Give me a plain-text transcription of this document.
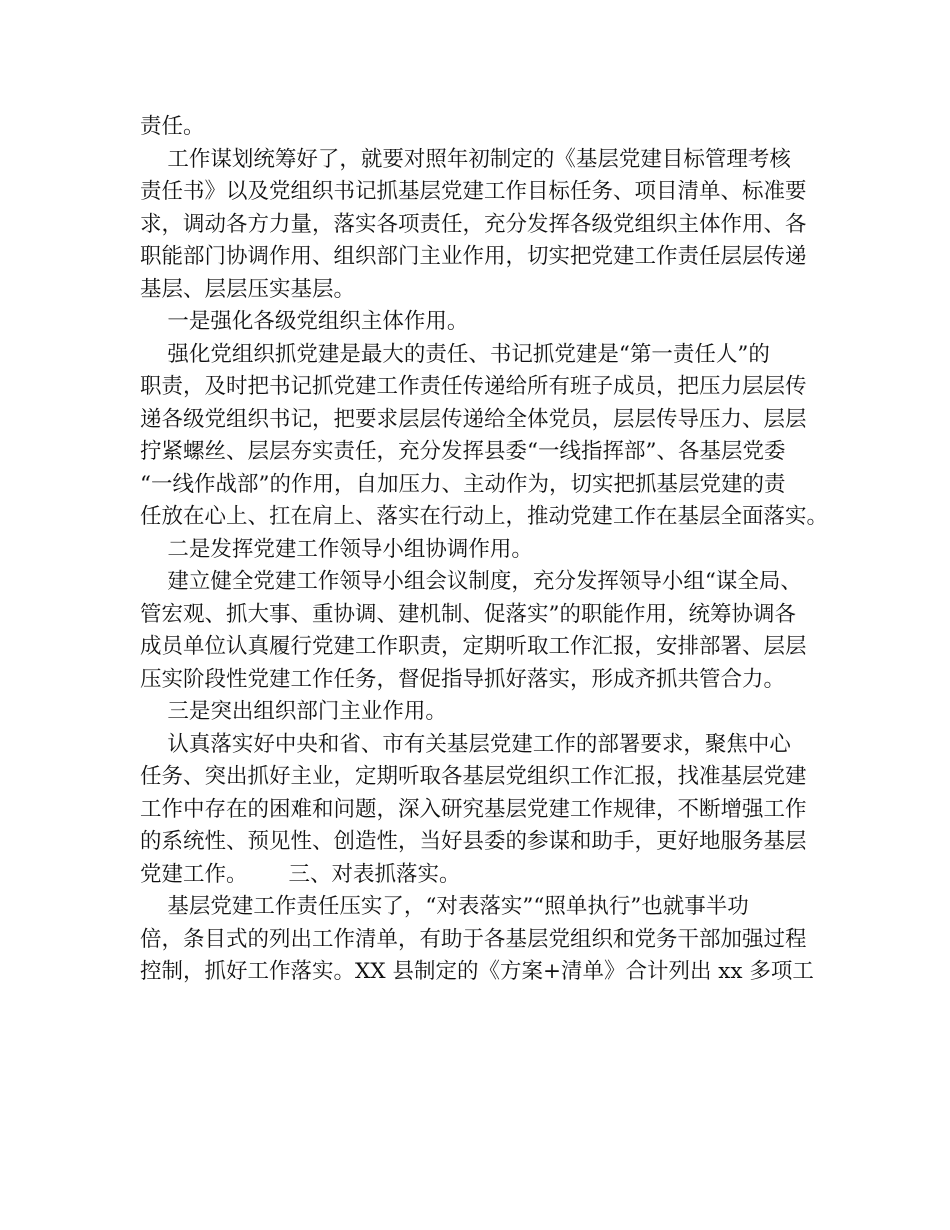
责任。
工作谋划统筹好了，就要对照年初制定的《基层党建目标管理考核
责任书》以及党组织书记抓基层党建工作目标任务、项目清单、标准要
求，调动各方力量，落实各项责任，充分发挥各级党组织主体作用、各
职能部门协调作用、组织部门主业作用，切实把党建工作责任层层传递
基层、层层压实基层。
一是强化各级党组织主体作用。
强化党组织抓党建是最大的责任、书记抓党建是“第一责任人”的
职责，及时把书记抓党建工作责任传递给所有班子成员，把压力层层传
递各级党组织书记，把要求层层传递给全体党员，层层传导压力、层层
拧紧螺丝、层层夯实责任，充分发挥县委“一线指挥部”、各基层党委
“一线作战部”的作用，自加压力、主动作为，切实把抓基层党建的责
任放在心上、扛在肩上、落实在行动上，推动党建工作在基层全面落实。
二是发挥党建工作领导小组协调作用。
建立健全党建工作领导小组会议制度，充分发挥领导小组“谋全局、
管宏观、抓大事、重协调、建机制、促落实”的职能作用，统筹协调各
成员单位认真履行党建工作职责，定期听取工作汇报，安排部署、层层
压实阶段性党建工作任务，督促指导抓好落实，形成齐抓共管合力。
三是突出组织部门主业作用。
认真落实好中央和省、市有关基层党建工作的部署要求，聚焦中心
任务、突出抓好主业，定期听取各基层党组织工作汇报，找准基层党建
工作中存在的困难和问题，深入研究基层党建工作规律，不断增强工作
的系统性、预见性、创造性，当好县委的参谋和助手，更好地服务基层
党建工作。      三、对表抓落实。
基层党建工作责任压实了，“对表落实”“照单执行”也就事半功
倍，条目式的列出工作清单，有助于各基层党组织和党务干部加强过程
控制，抓好工作落实。XX 县制定的《方案+清单》合计列出 xx 多项工
